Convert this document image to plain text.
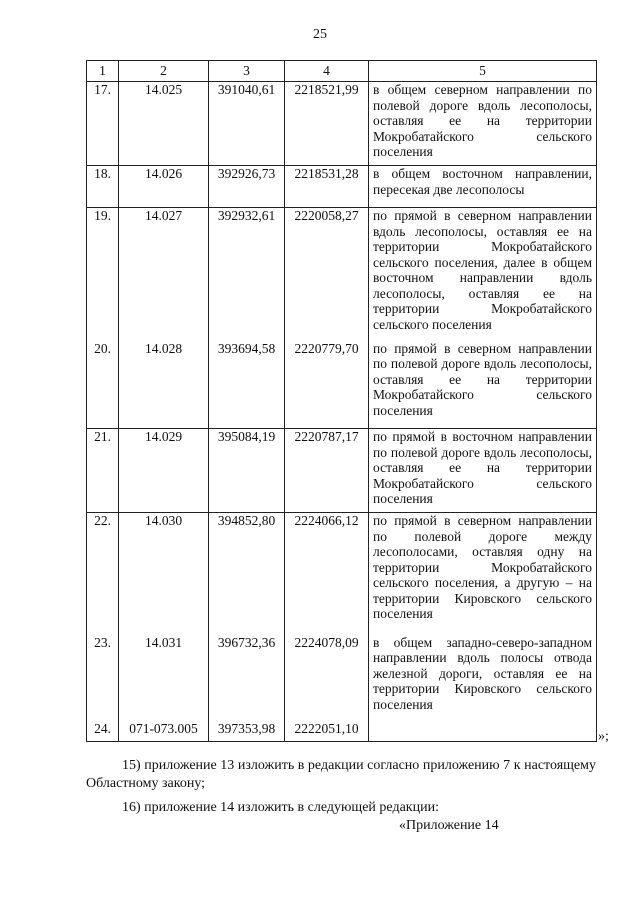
25
1	2	3	4	5
17.	14.025	391040,61	2218521,99	в общем северном направлении по полевой дороге вдоль лесополосы, оставляя ее на территории Мокробатайского сельского поселения
18.	14.026	392926,73	2218531,28	в общем восточном направлении, пересекая две лесополосы
19.	14.027	392932,61	2220058,27	по прямой в северном направлении вдоль лесополосы, оставляя ее на территории Мокробатайского сельского поселения, далее в общем восточном направлении вдоль лесополосы, оставляя ее на территории Мокробатайского сельского поселения
20.	14.028	393694,58	2220779,70	по прямой в северном направлении по полевой дороге вдоль лесополосы, оставляя ее на территории Мокробатайского сельского поселения
21.	14.029	395084,19	2220787,17	по прямой в восточном направлении по полевой дороге вдоль лесополосы, оставляя ее на территории Мокробатайского сельского поселения
22.	14.030	394852,80	2224066,12	по прямой в северном направлении по полевой дороге между лесополосами, оставляя одну на территории Мокробатайского сельского поселения, а другую – на территории Кировского сельского поселения
23.	14.031	396732,36	2224078,09	в общем западно-северо-западном направлении вдоль полосы отвода железной дороги, оставляя ее на территории Кировского сельского поселения
24.	071-073.005	397353,98	2222051,10	
»;
15) приложение 13 изложить в редакции согласно приложению 7 к настоящему Областному закону;
16) приложение 14 изложить в следующей редакции:
«Приложение 14
